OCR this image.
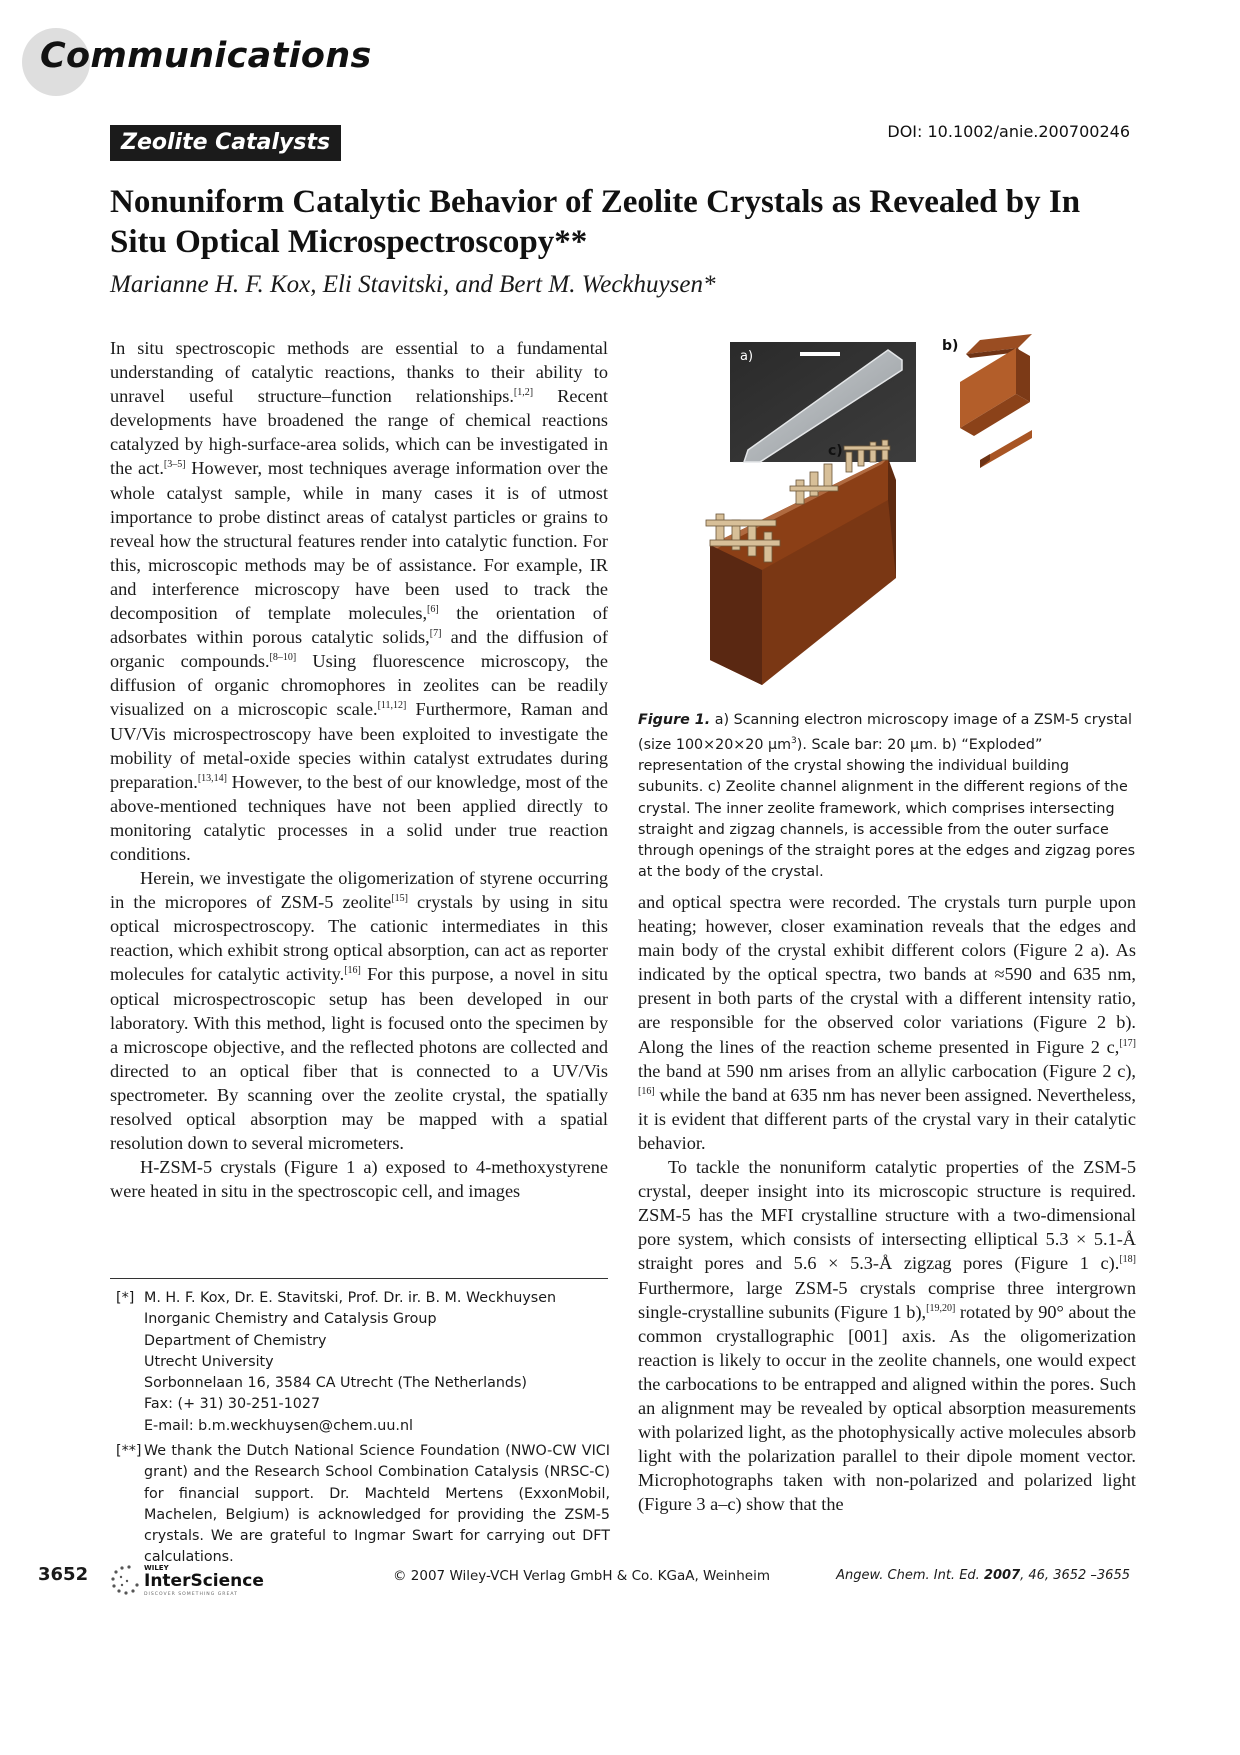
Communications
Zeolite Catalysts	DOI: 10.1002/anie.200700246
Nonuniform Catalytic Behavior of Zeolite Crystals as Revealed by In Situ Optical Microspectroscopy**
Marianne H. F. Kox, Eli Stavitski, and Bert M. Weckhuysen*

In situ spectroscopic methods are essential to a fundamental understanding of catalytic reactions, thanks to their ability to unravel useful structure–function relationships.[1,2] Recent developments have broadened the range of chemical reactions catalyzed by high-surface-area solids, which can be investigated in the act.[3–5] However, most techniques average information over the whole catalyst sample, while in many cases it is of utmost importance to probe distinct areas of catalyst particles or grains to reveal how the structural features render into catalytic function. For this, microscopic methods may be of assistance. For example, IR and interference microscopy have been used to track the decomposition of template molecules,[6] the orientation of adsorbates within porous catalytic solids,[7] and the diffusion of organic compounds.[8–10] Using fluorescence microscopy, the diffusion of organic chromophores in zeolites can be readily visualized on a microscopic scale.[11,12] Furthermore, Raman and UV/Vis microspectroscopy have been exploited to investigate the mobility of metal-oxide species within catalyst extrudates during preparation.[13,14] However, to the best of our knowledge, most of the above-mentioned techniques have not been applied directly to monitoring catalytic processes in a solid under true reaction conditions.

Herein, we investigate the oligomerization of styrene occurring in the micropores of ZSM-5 zeolite[15] crystals by using in situ optical microspectroscopy. The cationic intermediates in this reaction, which exhibit strong optical absorption, can act as reporter molecules for catalytic activity.[16] For this purpose, a novel in situ optical microspectroscopic setup has been developed in our laboratory. With this method, light is focused onto the specimen by a microscope objective, and the reflected photons are collected and directed to an optical fiber that is connected to a UV/Vis spectrometer. By scanning over the zeolite crystal, the spatially resolved optical absorption may be mapped with a spatial resolution down to several micrometers.

H-ZSM-5 crystals (Figure 1 a) exposed to 4-methoxystyrene were heated in situ in the spectroscopic cell, and images

a)
b)
c)

Figure 1. a) Scanning electron microscopy image of a ZSM-5 crystal (size 100×20×20 $\mu m^3$). Scale bar: 20 μm. b) “Exploded” representation of the crystal showing the individual building subunits. c) Zeolite channel alignment in the different regions of the crystal. The inner zeolite framework, which comprises intersecting straight and zigzag channels, is accessible from the outer surface through openings of the straight pores at the edges and zigzag pores at the body of the crystal.

and optical spectra were recorded. The crystals turn purple upon heating; however, closer examination reveals that the edges and main body of the crystal exhibit different colors (Figure 2 a). As indicated by the optical spectra, two bands at ≈590 and 635 nm, present in both parts of the crystal with a different intensity ratio, are responsible for the observed color variations (Figure 2 b). Along the lines of the reaction scheme presented in Figure 2 c,[17] the band at 590 nm arises from an allylic carbocation (Figure 2 c),[16] while the band at 635 nm has never been assigned. Nevertheless, it is evident that different parts of the crystal vary in their catalytic behavior.

To tackle the nonuniform catalytic properties of the ZSM-5 crystal, deeper insight into its microscopic structure is required. ZSM-5 has the MFI crystalline structure with a two-dimensional pore system, which consists of intersecting elliptical 5.3 × 5.1-Å straight pores and 5.6 × 5.3-Å zigzag pores (Figure 1 c).[18] Furthermore, large ZSM-5 crystals comprise three intergrown single-crystalline subunits (Figure 1 b),[19,20] rotated by 90° about the common crystallographic [001] axis. As the oligomerization reaction is likely to occur in the zeolite channels, one would expect the carbocations to be entrapped and aligned within the pores. Such an alignment may be revealed by optical absorption measurements with polarized light, as the photophysically active molecules absorb light with the polarization parallel to their dipole moment vector. Microphotographs taken with non-polarized and polarized light (Figure 3 a–c) show that the

[*] M. H. F. Kox, Dr. E. Stavitski, Prof. Dr. ir. B. M. Weckhuysen
Inorganic Chemistry and Catalysis Group
Department of Chemistry
Utrecht University
Sorbonnelaan 16, 3584 CA Utrecht (The Netherlands)
Fax: (+ 31) 30-251-1027
E-mail: b.m.weckhuysen@chem.uu.nl
[**] We thank the Dutch National Science Foundation (NWO-CW VICI grant) and the Research School Combination Catalysis (NRSC-C) for financial support. Dr. Machteld Mertens (ExxonMobil, Machelen, Belgium) is acknowledged for providing the ZSM-5 crystals. We are grateful to Ingmar Swart for carrying out DFT calculations.
3652	WILEY
InterScience
DISCOVER SOMETHING GREAT
© 2007 Wiley-VCH Verlag GmbH & Co. KGaA, Weinheim	Angew. Chem. Int. Ed. 2007, 46, 3652 –3655
